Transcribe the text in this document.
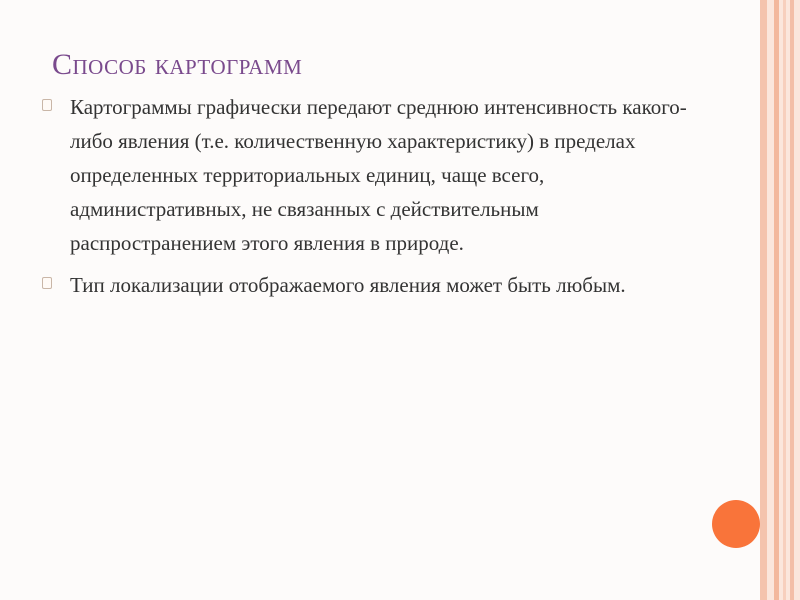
Способ картограмм
Картограммы графически передают среднюю интенсивность какого-либо явления (т.е. количественную характеристику) в пределах определенных территориальных единиц, чаще всего, административных, не связанных с действительным распространением этого явления в природе.
Тип локализации отображаемого явления может быть любым.
